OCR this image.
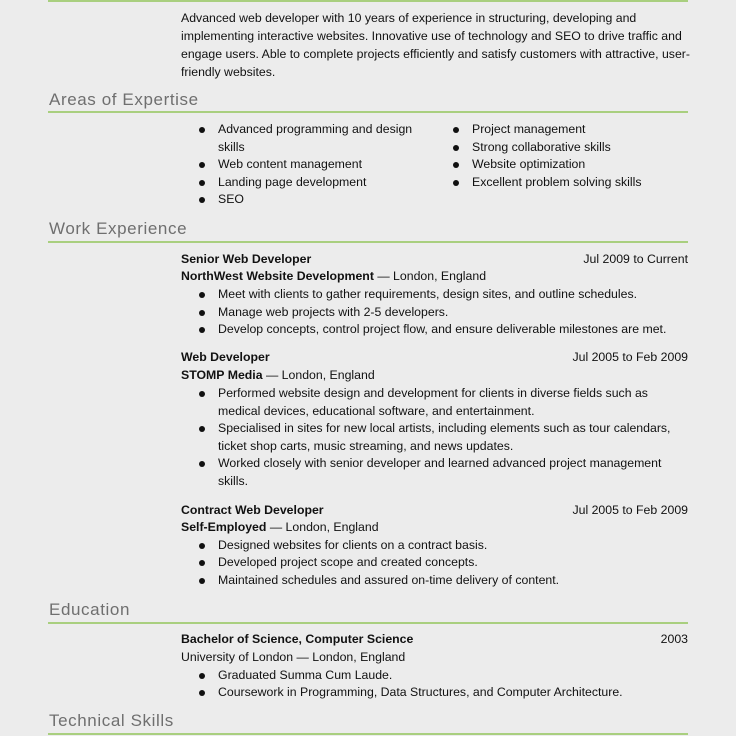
Advanced web developer with 10 years of experience in structuring, developing and implementing interactive websites. Innovative use of technology and SEO to drive traffic and engage users. Able to complete projects efficiently and satisfy customers with attractive, user-friendly websites.
Areas of Expertise
Advanced programming and design skills
Web content management
Landing page development
SEO
Project management
Strong collaborative skills
Website optimization
Excellent problem solving skills
Work Experience
Senior Web Developer	Jul 2009 to Current
NorthWest Website Development — London, England
Meet with clients to gather requirements, design sites, and outline schedules.
Manage web projects with 2-5 developers.
Develop concepts, control project flow, and ensure deliverable milestones are met.
Web Developer	Jul 2005 to Feb 2009
STOMP Media — London, England
Performed website design and development for clients in diverse fields such as medical devices, educational software, and entertainment.
Specialised in sites for new local artists, including elements such as tour calendars, ticket shop carts, music streaming, and news updates.
Worked closely with senior developer and learned advanced project management skills.
Contract Web Developer	Jul 2005 to Feb 2009
Self-Employed — London, England
Designed websites for clients on a contract basis.
Developed project scope and created concepts.
Maintained schedules and assured on-time delivery of content.
Education
Bachelor of Science, Computer Science	2003
University of London — London, England
Graduated Summa Cum Laude.
Coursework in Programming, Data Structures, and Computer Architecture.
Technical Skills
